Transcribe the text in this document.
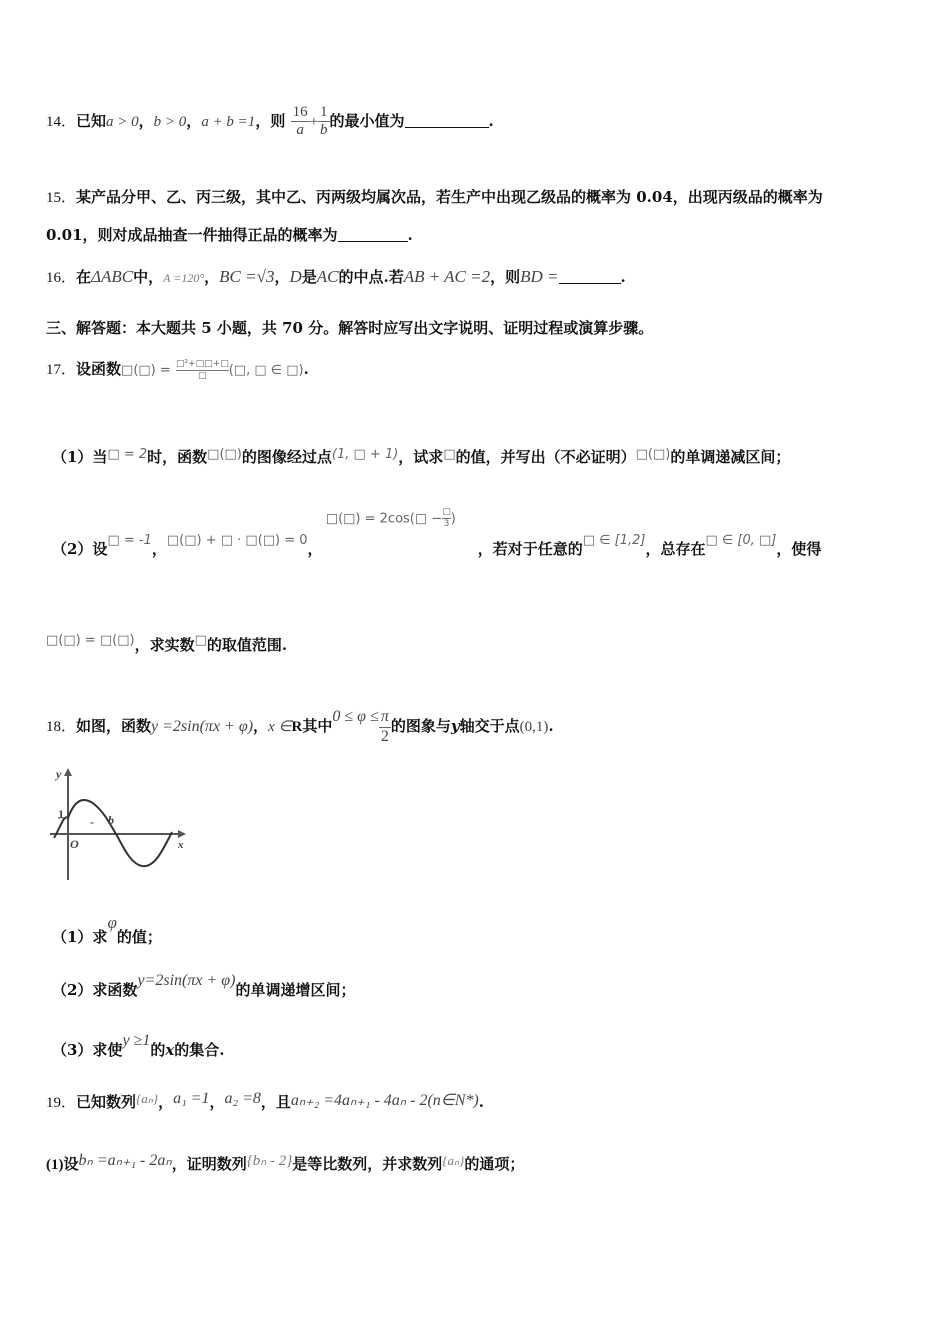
14．已知a > 0，b > 0，a + b =1，则 $\frac{16}{a} + \frac{1}{b}$ 的最小值为	.
15．某产品分甲、乙、丙三级，其中乙、丙两级均属次品，若生产中出现乙级品的概率为 0.04，出现丙级品的概率为
0.01，则对成品抽查一件抽得正品的概率为	.
16．在ΔABC中，A =120°，BC =√3，D是AC的中点.若AB + AC =2，则BD =	.
三、解答题：本大题共 5 小题，共 70 分。解答时应写出文字说明、证明过程或演算步骤。
17．设函数□(□) = $\frac{\text{□²+□□+□}}{□}$ (□, □ ∈ □).
（1）当□ = 2时，函数□(□)的图像经过点(1, □ + 1)，试求□的值，并写出（不必证明）□(□)的单调递减区间；
（2）设□ = -1，□(□) + □ · □(□) = 0，
□(□) = 2cos(□ − $\frac{□}{3}$ )
，若对于任意的□ ∈ [1,2]，总存在□ ∈ [0, □]，使得
□(□) = □(□)，求实数□的取值范围.
18．如图，函数y =2sin(πx + φ)，x ∈R其中$0 \le \varphi \le \frac{\pi}{2}$ 的图象与y轴交于点(0,1).
y
1
O
- b
x
（1）求φ的值；
（2）求函数y=2sin(πx + φ)的单调递增区间；
（3）求使y ≥1的x的集合.
19．已知数列{aₙ}，a₁ =1，a₂ =8，且aₙ₊₂ =4aₙ₊₁ - 4aₙ - 2(n∈N*).
(1)设bₙ =aₙ₊₁ - 2aₙ，证明数列{bₙ - 2}是等比数列，并求数列{aₙ}的通项；
